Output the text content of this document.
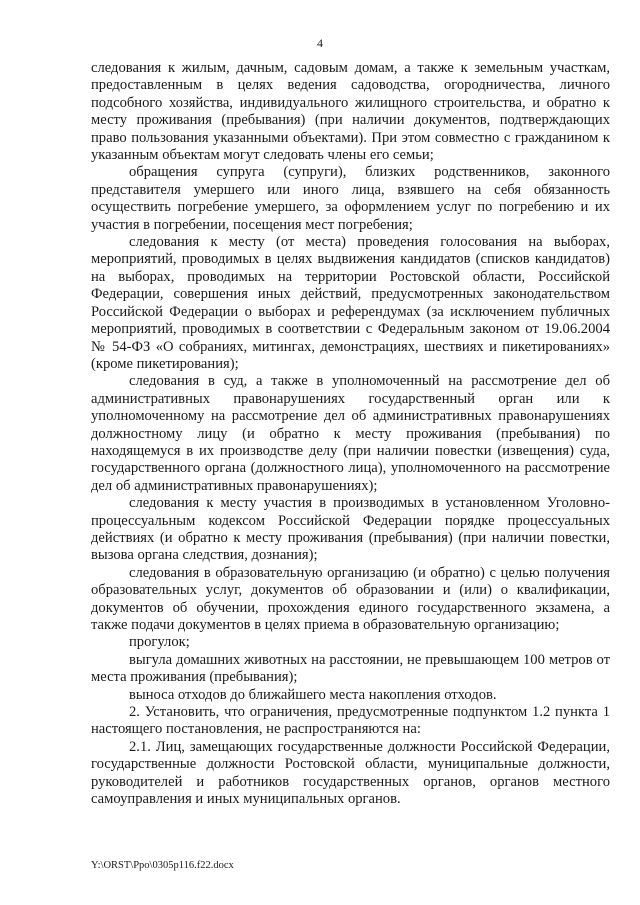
4

следования к жилым, дачным, садовым домам, а также к земельным участкам, предоставленным в целях ведения садоводства, огородничества, личного подсобного хозяйства, индивидуального жилищного строительства, и обратно к месту проживания (пребывания) (при наличии документов, подтверждающих право пользования указанными объектами). При этом совместно с гражданином к указанным объектам могут следовать члены его семьи;

обращения супруга (супруги), близких родственников, законного представителя умершего или иного лица, взявшего на себя обязанность осуществить погребение умершего, за оформлением услуг по погребению и их участия в погребении, посещения мест погребения;

следования к месту (от места) проведения голосования на выборах, мероприятий, проводимых в целях выдвижения кандидатов (списков кандидатов) на выборах, проводимых на территории Ростовской области, Российской Федерации, совершения иных действий, предусмотренных законодательством Российской Федерации о выборах и референдумах (за исключением публичных мероприятий, проводимых в соответствии с Федеральным законом от 19.06.2004 № 54-ФЗ «О собраниях, митингах, демонстрациях, шествиях и пикетированиях» (кроме пикетирования);

следования в суд, а также в уполномоченный на рассмотрение дел об административных правонарушениях государственный орган или к уполномоченному на рассмотрение дел об административных правонарушениях должностному лицу (и обратно к месту проживания (пребывания) по находящемуся в их производстве делу (при наличии повестки (извещения) суда, государственного органа (должностного лица), уполномоченного на рассмотрение дел об административных правонарушениях);

следования к месту участия в производимых в установленном Уголовно-процессуальным кодексом Российской Федерации порядке процессуальных действиях (и обратно к месту проживания (пребывания) (при наличии повестки, вызова органа следствия, дознания);

следования в образовательную организацию (и обратно) с целью получения образовательных услуг, документов об образовании и (или) о квалификации, документов об обучении, прохождения единого государственного экзамена, а также подачи документов в целях приема в образовательную организацию;

прогулок;

выгула домашних животных на расстоянии, не превышающем 100 метров от места проживания (пребывания);

выноса отходов до ближайшего места накопления отходов.

2. Установить, что ограничения, предусмотренные подпунктом 1.2 пункта 1 настоящего постановления, не распространяются на:

2.1. Лиц, замещающих государственные должности Российской Федерации, государственные должности Ростовской области, муниципальные должности, руководителей и работников государственных органов, органов местного самоуправления и иных муниципальных органов.

Y:\ORST\Ppo\0305p116.f22.docx
